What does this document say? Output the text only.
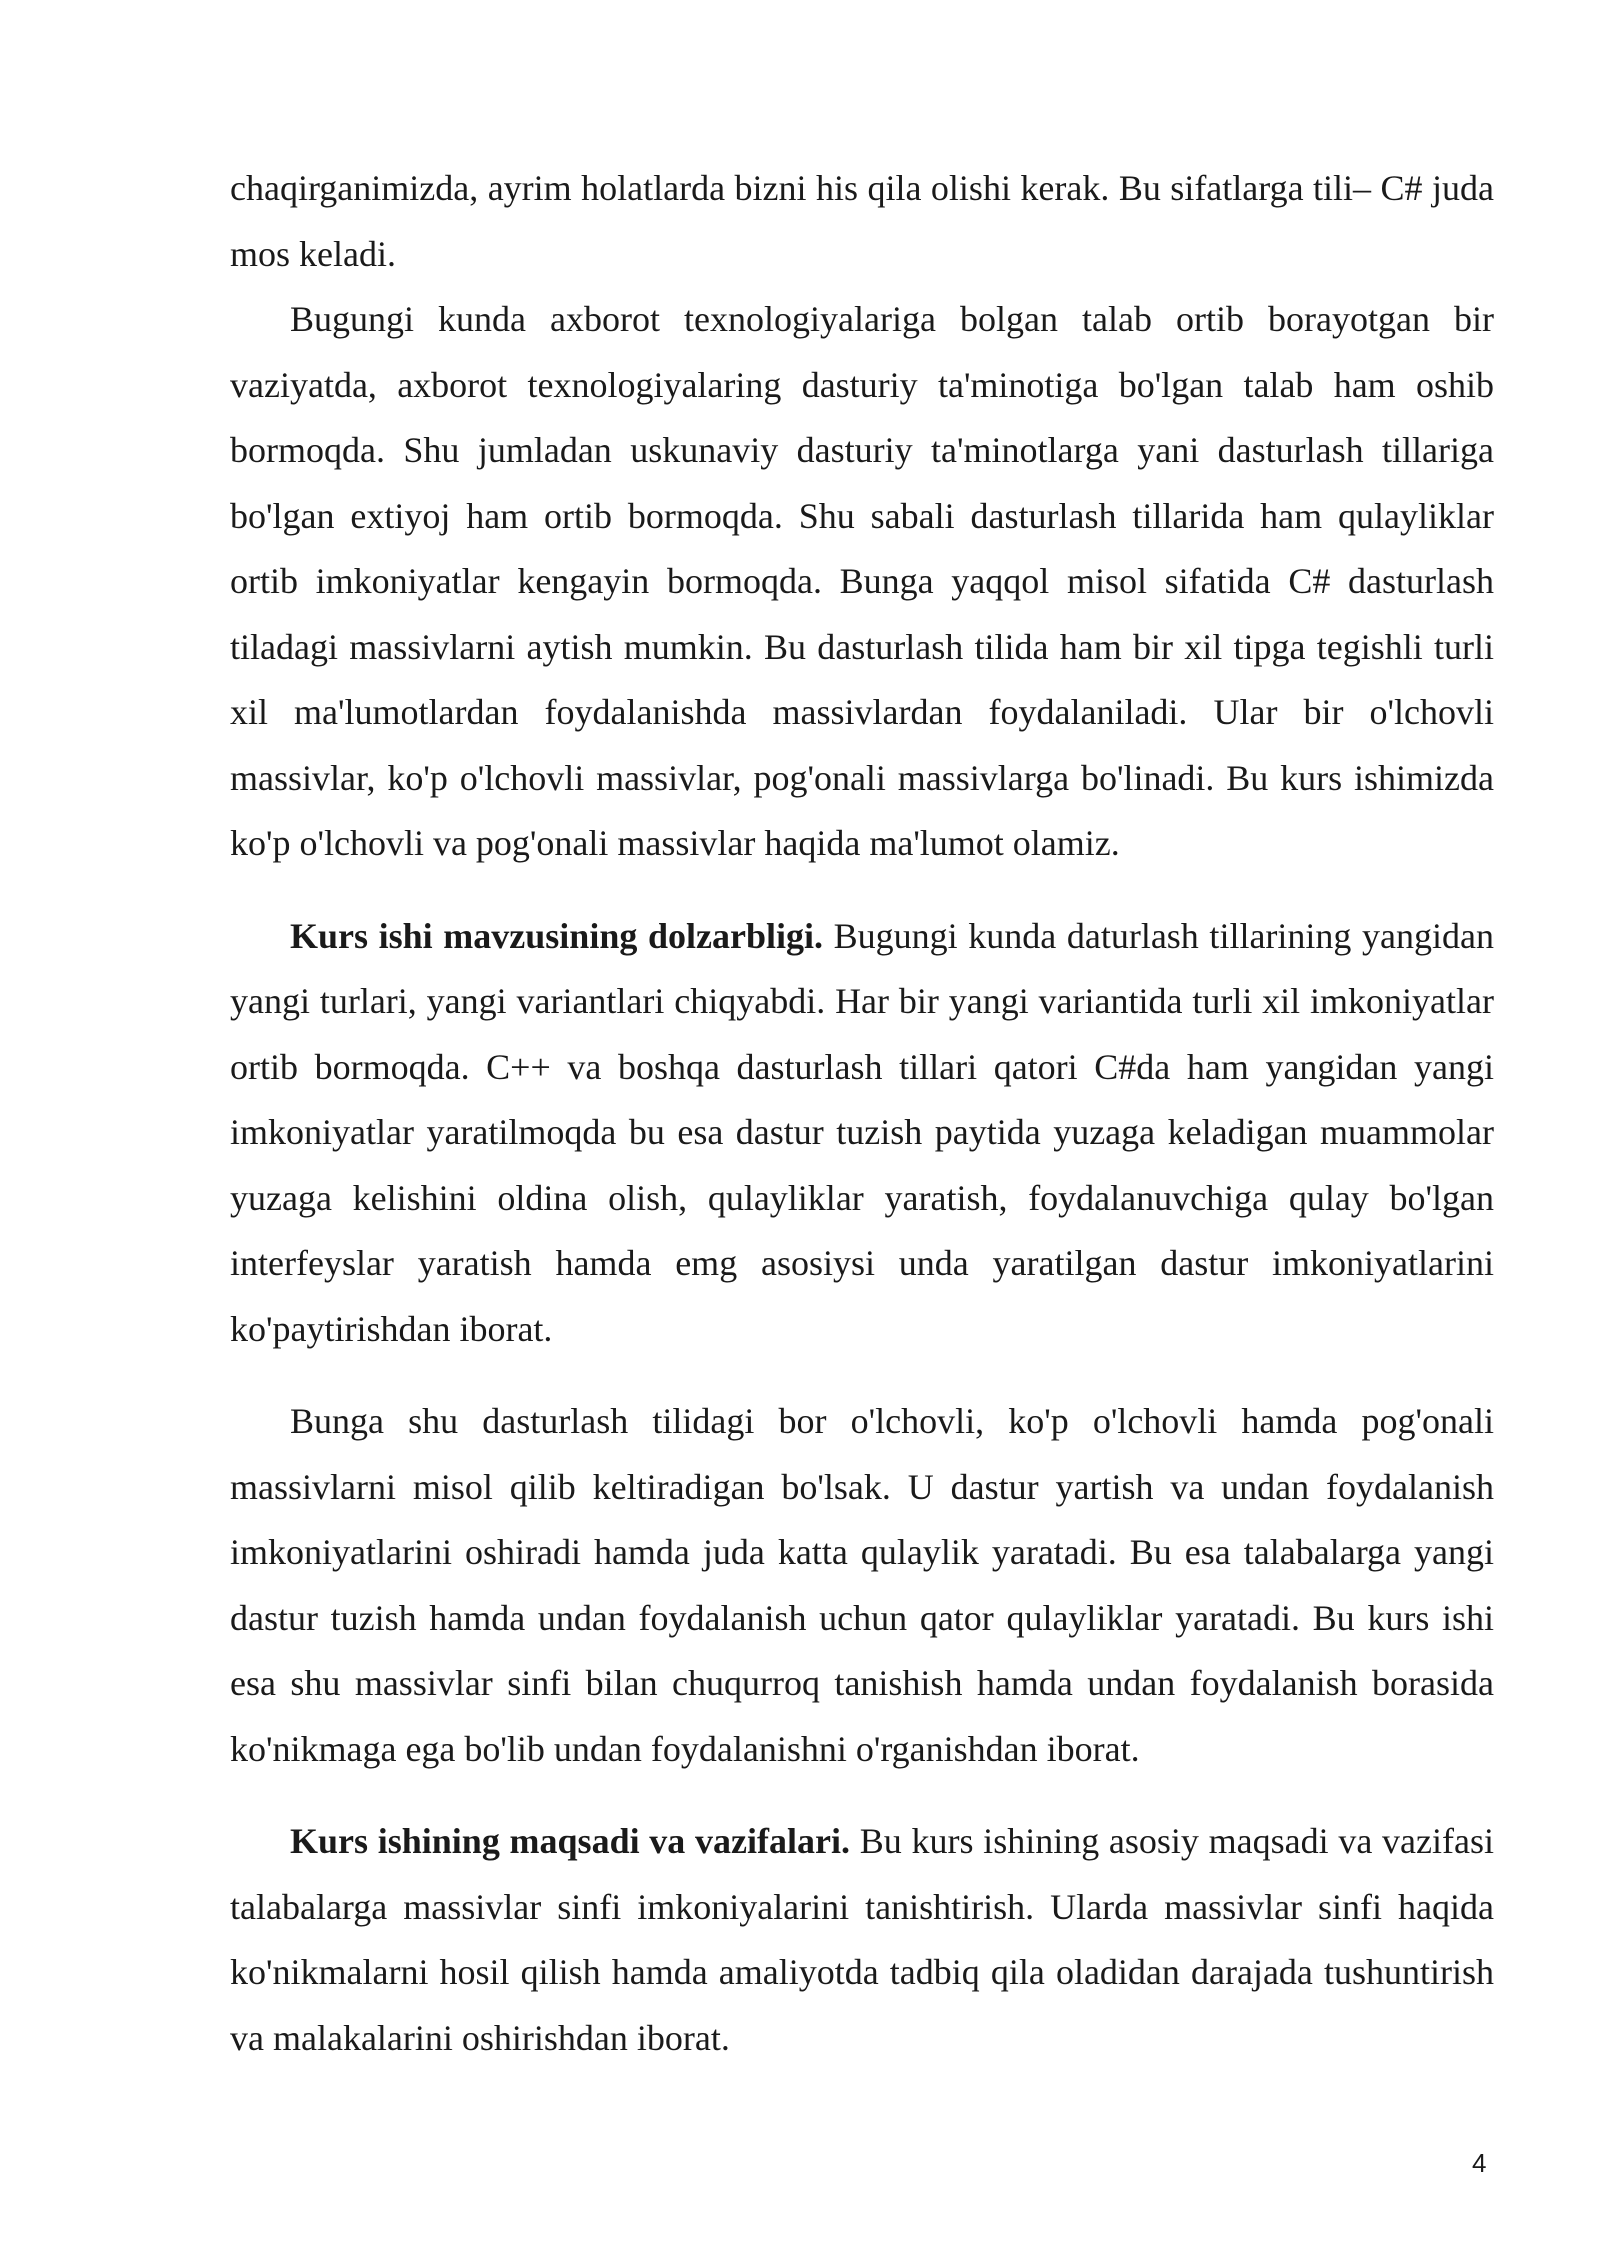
chaqirganimizda, ayrim holatlarda bizni his qila olishi kerak. Bu sifatlarga tili– C# juda mos keladi.

Bugungi kunda axborot texnologiyalariga bolgan talab ortib borayotgan bir vaziyatda, axborot texnologiyalaring dasturiy ta'minotiga bo'lgan talab ham oshib bormoqda. Shu jumladan uskunaviy dasturiy ta'minotlarga yani dasturlash tillariga bo'lgan extiyoj ham ortib bormoqda. Shu sabali dasturlash tillarida ham qulayliklar ortib imkoniyatlar kengayin bormoqda. Bunga yaqqol misol sifatida C# dasturlash tiladagi massivlarni aytish mumkin. Bu dasturlash tilida ham bir xil tipga tegishli turli xil ma'lumotlardan foydalanishda massivlardan foydalaniladi. Ular bir o'lchovli massivlar, ko'p o'lchovli massivlar, pog'onali massivlarga bo'linadi. Bu kurs ishimizda ko'p o'lchovli va pog'onali massivlar haqida ma'lumot olamiz.

Kurs ishi mavzusining dolzarbligi. Bugungi kunda daturlash tillarining yangidan yangi turlari, yangi variantlari chiqyabdi. Har bir yangi variantida turli xil imkoniyatlar ortib bormoqda. C++ va boshqa dasturlash tillari qatori C#da ham yangidan yangi imkoniyatlar yaratilmoqda bu esa dastur tuzish paytida yuzaga keladigan muammolar yuzaga kelishini oldina olish, qulayliklar yaratish, foydalanuvchiga qulay bo'lgan interfeyslar yaratish hamda emg asosiysi unda yaratilgan dastur imkoniyatlarini ko'paytirishdan iborat.

Bunga shu dasturlash tilidagi bor o'lchovli, ko'p o'lchovli hamda pog'onali massivlarni misol qilib keltiradigan bo'lsak. U dastur yartish va undan foydalanish imkoniyatlarini oshiradi hamda juda katta qulaylik yaratadi. Bu esa talabalarga yangi dastur tuzish hamda undan foydalanish uchun qator qulayliklar yaratadi. Bu kurs ishi esa shu massivlar sinfi bilan chuqurroq tanishish hamda undan foydalanish borasida ko'nikmaga ega bo'lib undan foydalanishni o'rganishdan iborat.

Kurs ishining maqsadi va vazifalari. Bu kurs ishining asosiy maqsadi va vazifasi talabalarga massivlar sinfi imkoniyalarini tanishtirish. Ularda massivlar sinfi haqida ko'nikmalarni hosil qilish hamda amaliyotda tadbiq qila oladidan darajada tushuntirish va malakalarini oshirishdan iborat.

4
